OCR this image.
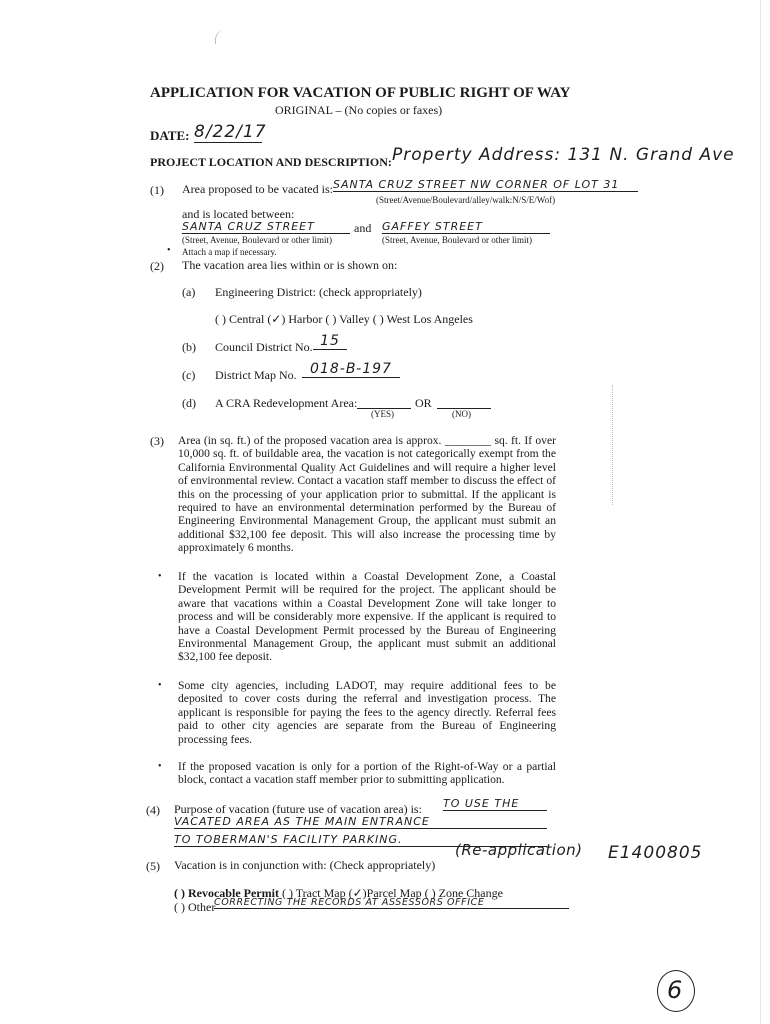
APPLICATION FOR VACATION OF PUBLIC RIGHT OF WAY
ORIGINAL – (No copies or faxes)
DATE: 8/22/17
PROJECT LOCATION AND DESCRIPTION: Property Address: 131 N. Grand Ave
(1) Area proposed to be vacated is: SANTA CRUZ STREET NW CORNER OF LOT 31
(Street/Avenue/Boulevard/alley/walk:N/S/E/Wof)
and is located between:
SANTA CRUZ STREET	and GAFFEY STREET
(Street, Avenue, Boulevard or other limit)	(Street, Avenue, Boulevard or other limit)
• Attach a map if necessary.
(2) The vacation area lies within or is shown on:
(a) Engineering District: (check appropriately)
( ) Central (✓) Harbor ( ) Valley ( ) West Los Angeles
(b) Council District No. 15
(c) District Map No. 018-B-197
(d) A CRA Redevelopment Area:	OR
(YES)	(NO)
(3) Area (in sq. ft.) of the proposed vacation area is approx. ________ sq. ft. If over 10,000 sq. ft. of buildable area, the vacation is not categorically exempt from the California Environmental Quality Act Guidelines and will require a higher level of environmental review. Contact a vacation staff member to discuss the effect of this on the processing of your application prior to submittal. If the applicant is required to have an environmental determination performed by the Bureau of Engineering Environmental Management Group, the applicant must submit an additional $32,100 fee deposit. This will also increase the processing time by approximately 6 months.
• If the vacation is located within a Coastal Development Zone, a Coastal Development Permit will be required for the project. The applicant should be aware that vacations within a Coastal Development Zone will take longer to process and will be considerably more expensive. If the applicant is required to have a Coastal Development Permit processed by the Bureau of Engineering Environmental Management Group, the applicant must submit an additional $32,100 fee deposit.
• Some city agencies, including LADOT, may require additional fees to be deposited to cover costs during the referral and investigation process. The applicant is responsible for paying the fees to the agency directly. Referral fees paid to other city agencies are separate from the Bureau of Engineering processing fees.
• If the proposed vacation is only for a portion of the Right-of-Way or a partial block, contact a vacation staff member prior to submitting application.
(4) Purpose of vacation (future use of vacation area) is: TO USE THE
VACATED AREA AS THE MAIN ENTRANCE
TO TOBERMAN'S FACILITY PARKING.
(5) Vacation is in conjunction with: (Check appropriately)
(Re-application) E1400805
( ) Revocable Permit ( ) Tract Map (✓)Parcel Map ( ) Zone Change
( ) Other
CORRECTING THE RECORDS AT ASSESSORS OFFICE
6
